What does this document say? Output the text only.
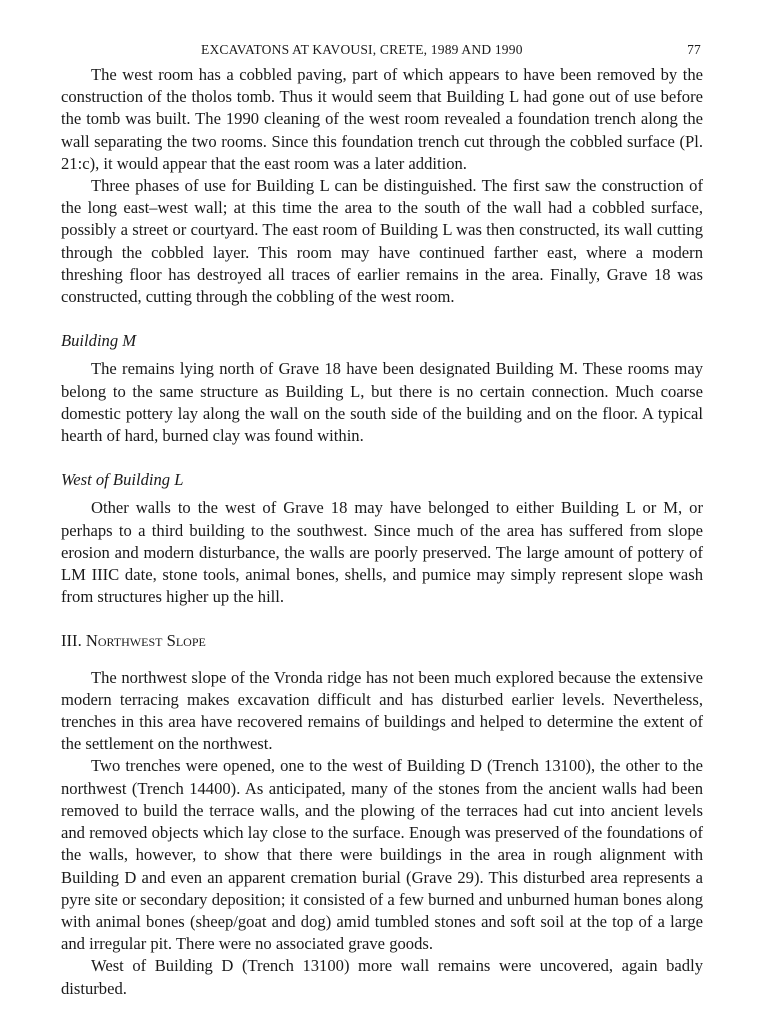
EXCAVATONS AT KAVOUSI, CRETE, 1989 AND 1990	77

The west room has a cobbled paving, part of which appears to have been removed by the construction of the tholos tomb. Thus it would seem that Building L had gone out of use before the tomb was built. The 1990 cleaning of the west room revealed a foundation trench along the wall separating the two rooms. Since this foundation trench cut through the cobbled surface (Pl. 21:c), it would appear that the east room was a later addition.

Three phases of use for Building L can be distinguished. The first saw the construction of the long east–west wall; at this time the area to the south of the wall had a cobbled surface, possibly a street or courtyard. The east room of Building L was then constructed, its wall cutting through the cobbled layer. This room may have continued farther east, where a modern threshing floor has destroyed all traces of earlier remains in the area. Finally, Grave 18 was constructed, cutting through the cobbling of the west room.

Building M

The remains lying north of Grave 18 have been designated Building M. These rooms may belong to the same structure as Building L, but there is no certain connection. Much coarse domestic pottery lay along the wall on the south side of the building and on the floor. A typical hearth of hard, burned clay was found within.

West of Building L

Other walls to the west of Grave 18 may have belonged to either Building L or M, or perhaps to a third building to the southwest. Since much of the area has suffered from slope erosion and modern disturbance, the walls are poorly preserved. The large amount of pottery of LM IIIC date, stone tools, animal bones, shells, and pumice may simply represent slope wash from structures higher up the hill.

III. Northwest Slope

The northwest slope of the Vronda ridge has not been much explored because the extensive modern terracing makes excavation difficult and has disturbed earlier levels. Nevertheless, trenches in this area have recovered remains of buildings and helped to determine the extent of the settlement on the northwest.

Two trenches were opened, one to the west of Building D (Trench 13100), the other to the northwest (Trench 14400). As anticipated, many of the stones from the ancient walls had been removed to build the terrace walls, and the plowing of the terraces had cut into ancient levels and removed objects which lay close to the surface. Enough was preserved of the foundations of the walls, however, to show that there were buildings in the area in rough alignment with Building D and even an apparent cremation burial (Grave 29). This disturbed area represents a pyre site or secondary deposition; it consisted of a few burned and unburned human bones along with animal bones (sheep/goat and dog) amid tumbled stones and soft soil at the top of a large and irregular pit. There were no associated grave goods.

West of Building D (Trench 13100) more wall remains were uncovered, again badly disturbed.
